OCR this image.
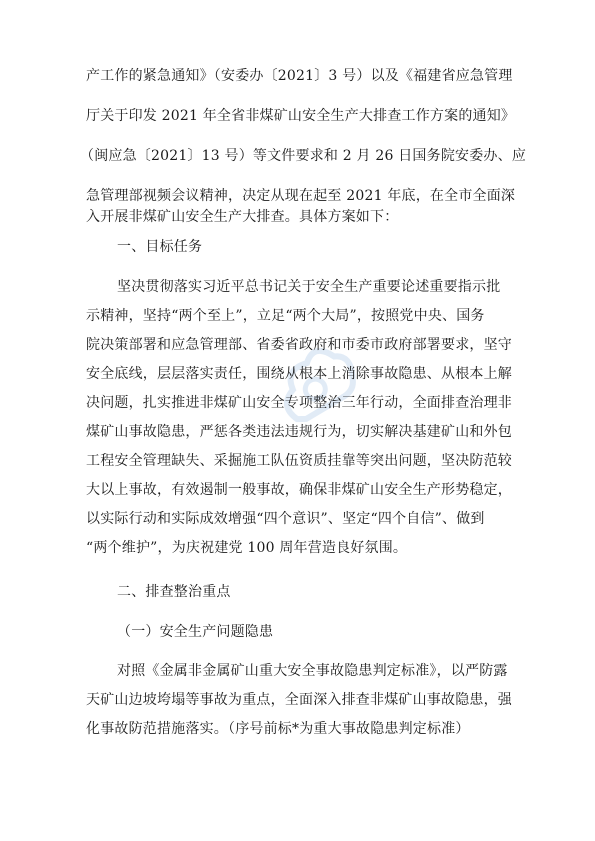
产工作的紧急通知》（安委办〔2021〕3 号）以及《福建省应急管理
厅关于印发 2021 年全省非煤矿山安全生产大排查工作方案的通知》
（闽应急〔2021〕13 号）等文件要求和 2 月 26 日国务院安委办、应
急管理部视频会议精神，决定从现在起至 2021 年底，在全市全面深
入开展非煤矿山安全生产大排查。具体方案如下：
一、目标任务
坚决贯彻落实习近平总书记关于安全生产重要论述重要指示批
示精神，坚持“两个至上”，立足“两个大局”，按照党中央、国务
院决策部署和应急管理部、省委省政府和市委市政府部署要求，坚守
安全底线，层层落实责任，围绕从根本上消除事故隐患、从根本上解
决问题，扎实推进非煤矿山安全专项整治三年行动，全面排查治理非
煤矿山事故隐患，严惩各类违法违规行为，切实解决基建矿山和外包
工程安全管理缺失、采掘施工队伍资质挂靠等突出问题，坚决防范较
大以上事故，有效遏制一般事故，确保非煤矿山安全生产形势稳定，
以实际行动和实际成效增强“四个意识”、坚定“四个自信”、做到
“两个维护”，为庆祝建党 100 周年营造良好氛围。
二、排查整治重点
（一）安全生产问题隐患
对照《金属非金属矿山重大安全事故隐患判定标准》，以严防露
天矿山边坡垮塌等事故为重点，全面深入排查非煤矿山事故隐患，强
化事故防范措施落实。（序号前标*为重大事故隐患判定标准）
